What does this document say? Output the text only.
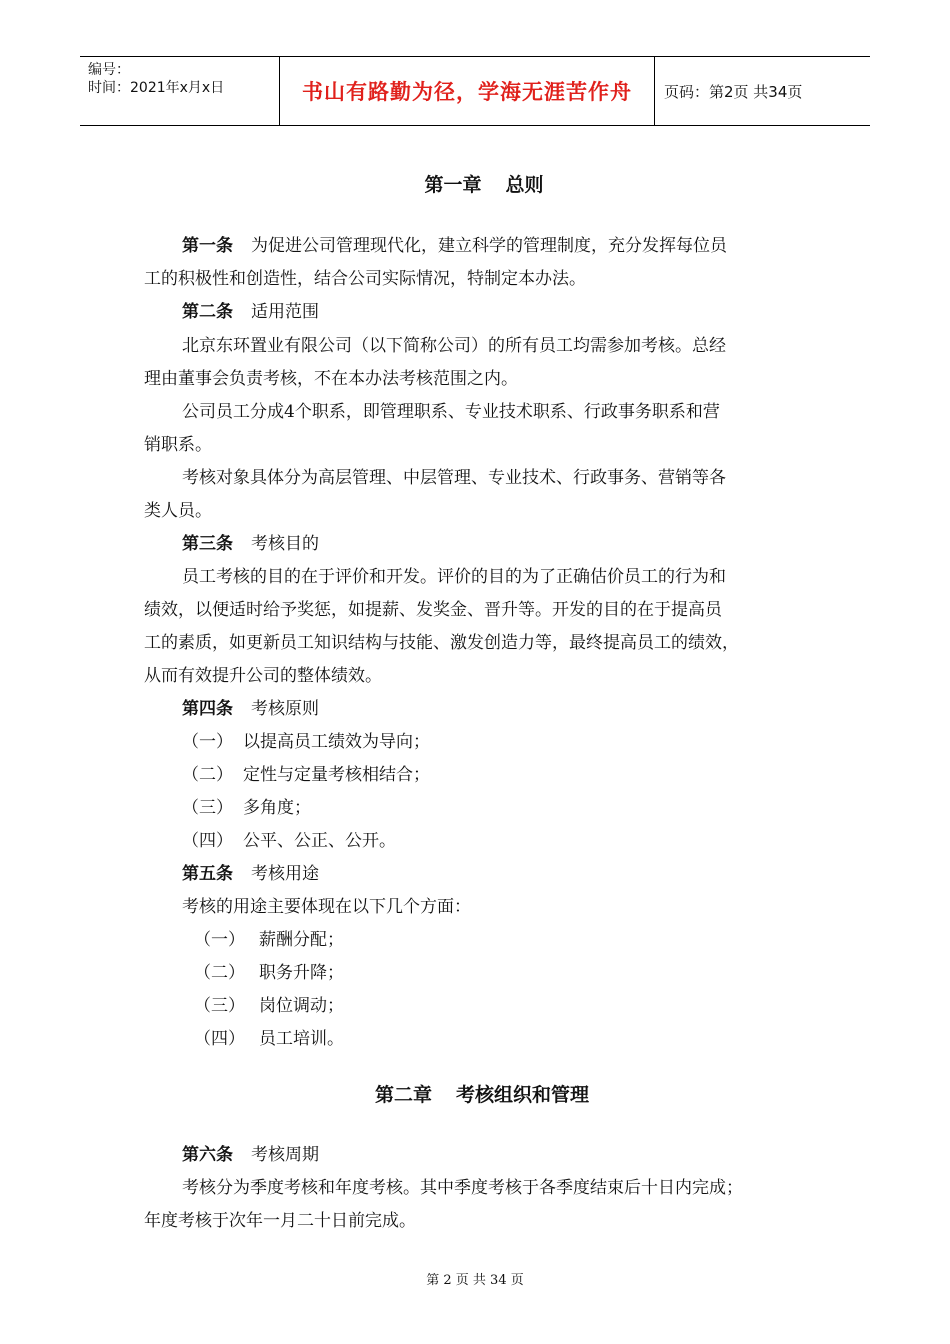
编号：
时间：2021年x月x日	书山有路勤为径，学海无涯苦作舟	页码：第2页 共34页
第一章 总则
第一条 为促进公司管理现代化，建立科学的管理制度，充分发挥每位员
工的积极性和创造性，结合公司实际情况，特制定本办法。
第二条 适用范围
北京东环置业有限公司（以下简称公司）的所有员工均需参加考核。总经
理由董事会负责考核，不在本办法考核范围之内。
公司员工分成4个职系，即管理职系、专业技术职系、行政事务职系和营
销职系。
考核对象具体分为高层管理、中层管理、专业技术、行政事务、营销等各
类人员。
第三条 考核目的
员工考核的目的在于评价和开发。评价的目的为了正确估价员工的行为和
绩效，以便适时给予奖惩，如提薪、发奖金、晋升等。开发的目的在于提高员
工的素质，如更新员工知识结构与技能、激发创造力等，最终提高员工的绩效，
从而有效提升公司的整体绩效。
第四条 考核原则
（一） 以提高员工绩效为导向；
（二） 定性与定量考核相结合；
（三） 多角度；
（四） 公平、公正、公开。
第五条 考核用途
考核的用途主要体现在以下几个方面：
（一） 薪酬分配；
（二） 职务升降；
（三） 岗位调动；
（四） 员工培训。
第二章 考核组织和管理
第六条 考核周期
考核分为季度考核和年度考核。其中季度考核于各季度结束后十日内完成；
年度考核于次年一月二十日前完成。
第 2 页 共 34 页
